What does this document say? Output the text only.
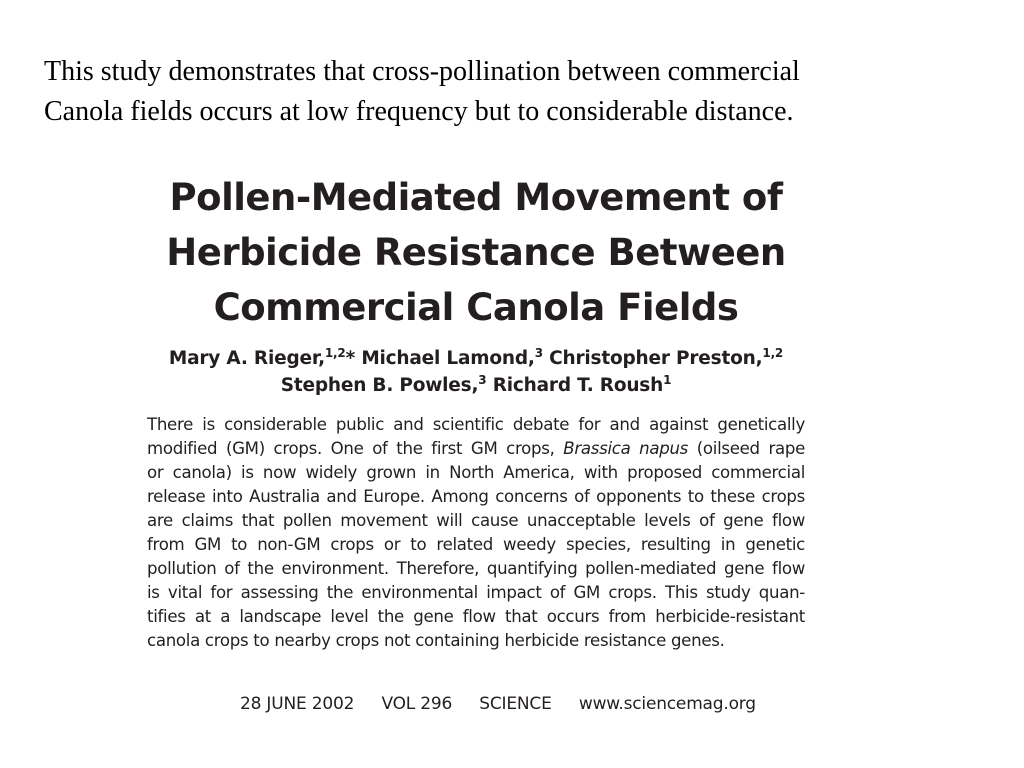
This study demonstrates that cross-pollination between commercial
Canola fields occurs at low frequency but to considerable distance.
Pollen-Mediated Movement of
Herbicide Resistance Between
Commercial Canola Fields
Mary A. Rieger,$^{1,2}$* Michael Lamond,$^3$ Christopher Preston,$^{1,2}$
Stephen B. Powles,$^3$ Richard T. Roush$^1$
There is considerable public and scientific debate for and against genetically
modified (GM) crops. One of the first GM crops, Brassica napus (oilseed rape
or canola) is now widely grown in North America, with proposed commercial
release into Australia and Europe. Among concerns of opponents to these crops
are claims that pollen movement will cause unacceptable levels of gene flow
from GM to non-GM crops or to related weedy species, resulting in genetic
pollution of the environment. Therefore, quantifying pollen-mediated gene flow
is vital for assessing the environmental impact of GM crops. This study quan-
tifies at a landscape level the gene flow that occurs from herbicide-resistant
canola crops to nearby crops not containing herbicide resistance genes.
28 JUNE 2002 VOL 296 SCIENCE www.sciencemag.org
